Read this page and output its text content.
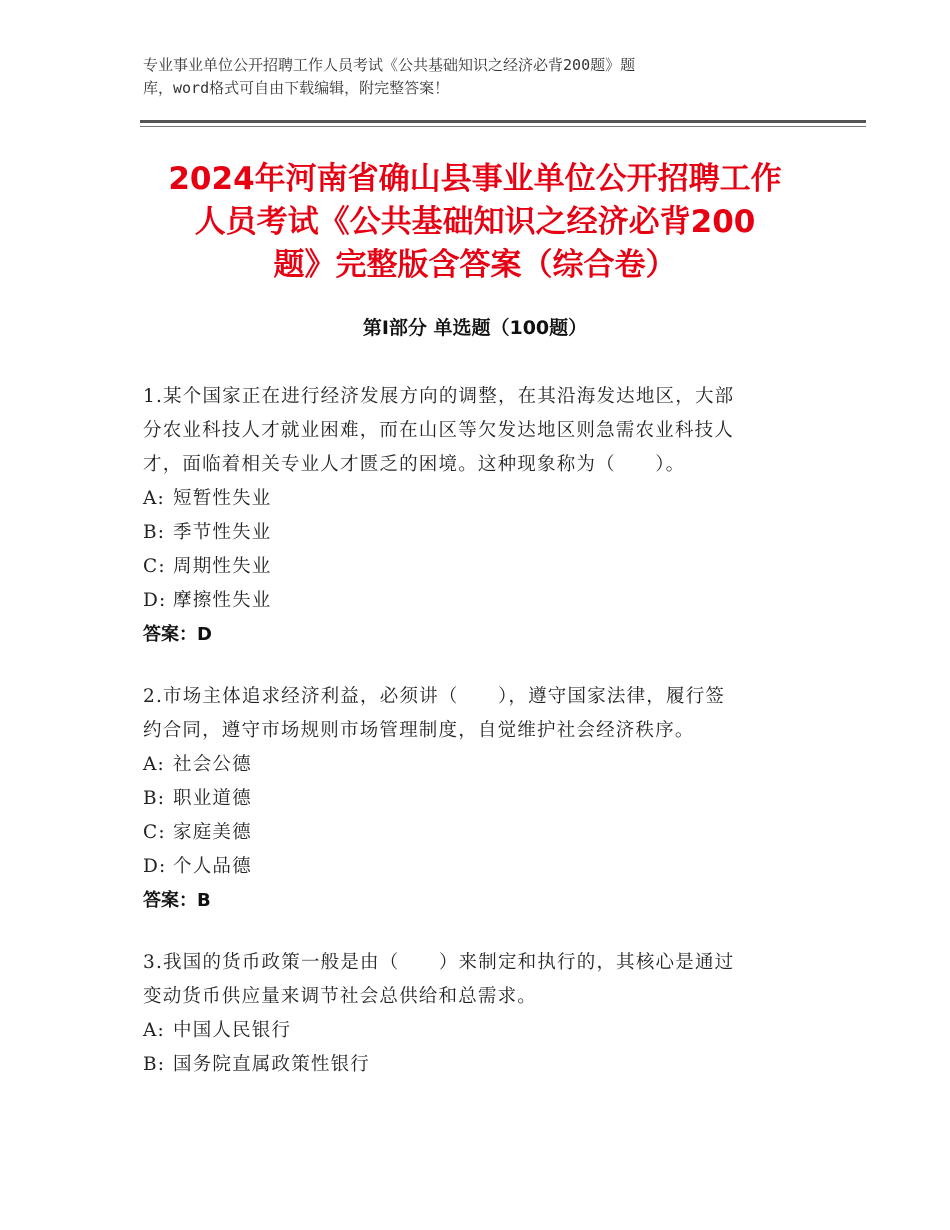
专业事业单位公开招聘工作人员考试《公共基础知识之经济必背200题》题
库，word格式可自由下载编辑，附完整答案！
2024年河南省确山县事业单位公开招聘工作
人员考试《公共基础知识之经济必背200
题》完整版含答案（综合卷）
第Ⅰ部分 单选题（100题）
1.某个国家正在进行经济发展方向的调整，在其沿海发达地区，大部
分农业科技人才就业困难，而在山区等欠发达地区则急需农业科技人
才，面临着相关专业人才匮乏的困境。这种现象称为（　　）。
A: 短暂性失业
B: 季节性失业
C: 周期性失业
D: 摩擦性失业
答案：D
2.市场主体追求经济利益，必须讲（　　），遵守国家法律，履行签
约合同，遵守市场规则市场管理制度，自觉维护社会经济秩序。
A: 社会公德
B: 职业道德
C: 家庭美德
D: 个人品德
答案：B
3.我国的货币政策一般是由（　　）来制定和执行的，其核心是通过
变动货币供应量来调节社会总供给和总需求。
A: 中国人民银行
B: 国务院直属政策性银行
